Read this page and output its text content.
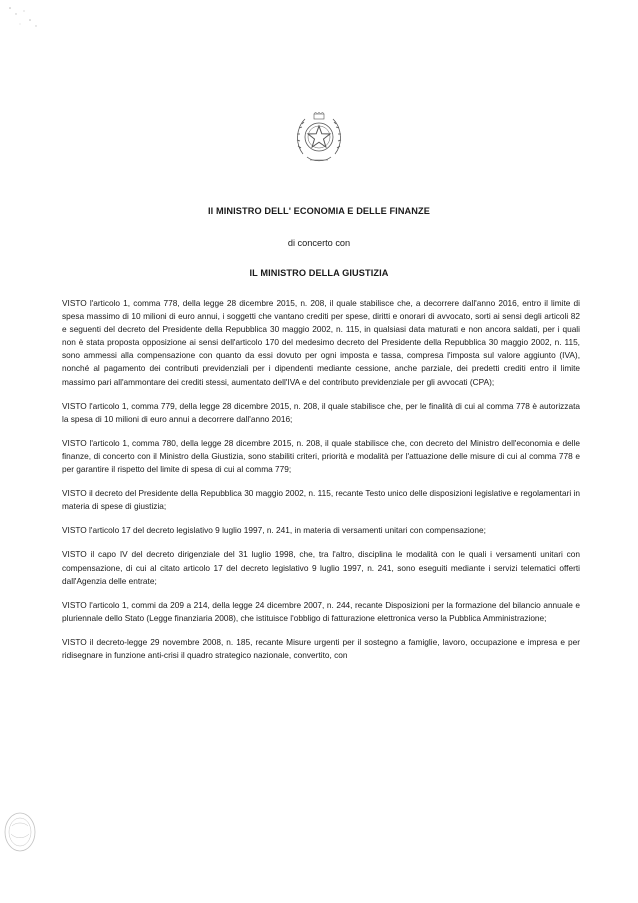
Il MINISTRO DELL' ECONOMIA E DELLE FINANZE
di concerto con
IL MINISTRO DELLA GIUSTIZIA

VISTO l'articolo 1, comma 778, della legge 28 dicembre 2015, n. 208, il quale stabilisce che, a decorrere dall'anno 2016, entro il limite di spesa massimo di 10 milioni di euro annui, i soggetti che vantano crediti per spese, diritti e onorari di avvocato, sorti ai sensi degli articoli 82 e seguenti del decreto del Presidente della Repubblica 30 maggio 2002, n. 115, in qualsiasi data maturati e non ancora saldati, per i quali non è stata proposta opposizione ai sensi dell'articolo 170 del medesimo decreto del Presidente della Repubblica 30 maggio 2002, n. 115, sono ammessi alla compensazione con quanto da essi dovuto per ogni imposta e tassa, compresa l'imposta sul valore aggiunto (IVA), nonché al pagamento dei contributi previdenziali per i dipendenti mediante cessione, anche parziale, dei predetti crediti entro il limite massimo pari all'ammontare dei crediti stessi, aumentato dell'IVA e del contributo previdenziale per gli avvocati (CPA);

VISTO l'articolo 1, comma 779, della legge 28 dicembre 2015, n. 208, il quale stabilisce che, per le finalità di cui al comma 778 è autorizzata la spesa di 10 milioni di euro annui a decorrere dall'anno 2016;

VISTO l'articolo 1, comma 780, della legge 28 dicembre 2015, n. 208, il quale stabilisce che, con decreto del Ministro dell'economia e delle finanze, di concerto con il Ministro della Giustizia, sono stabiliti criteri, priorità e modalità per l'attuazione delle misure di cui al comma 778 e per garantire il rispetto del limite di spesa di cui al comma 779;

VISTO il decreto del Presidente della Repubblica 30 maggio 2002, n. 115, recante Testo unico delle disposizioni legislative e regolamentari in materia di spese di giustizia;

VISTO l'articolo 17 del decreto legislativo 9 luglio 1997, n. 241, in materia di versamenti unitari con compensazione;

VISTO il capo IV del decreto dirigenziale del 31 luglio 1998, che, tra l'altro, disciplina le modalità con le quali i versamenti unitari con compensazione, di cui al citato articolo 17 del decreto legislativo 9 luglio 1997, n. 241, sono eseguiti mediante i servizi telematici offerti dall'Agenzia delle entrate;

VISTO l'articolo 1, commi da 209 a 214, della legge 24 dicembre 2007, n. 244, recante Disposizioni per la formazione del bilancio annuale e pluriennale dello Stato (Legge finanziaria 2008), che istituisce l'obbligo di fatturazione elettronica verso la Pubblica Amministrazione;

VISTO il decreto-legge 29 novembre 2008, n. 185, recante Misure urgenti per il sostegno a famiglie, lavoro, occupazione e impresa e per ridisegnare in funzione anti-crisi il quadro strategico nazionale, convertito, con
